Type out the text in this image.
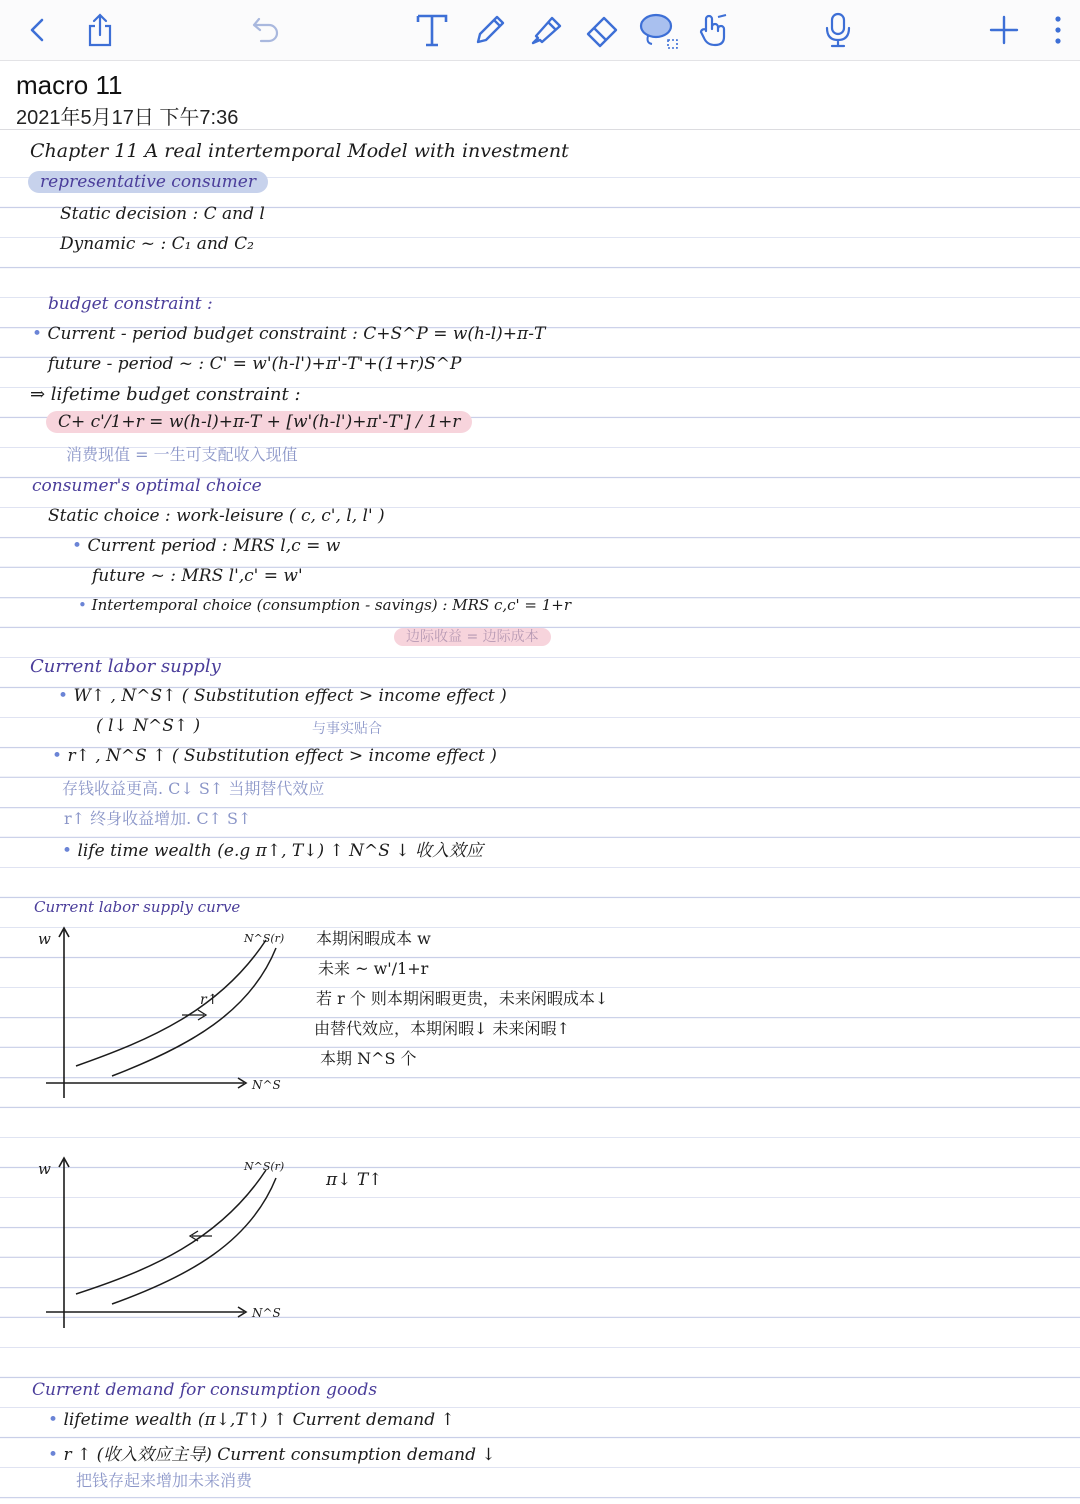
macro 11
2021年5月17日 下午7:36
Chapter 11 A real intertemporal Model with investment
representative consumer
Static decision : C and l
Dynamic ~ : C₁ and C₂
budget constraint :
• Current - period budget constraint : C+S^P = w(h-l)+π-T
future - period ~ : C' = w'(h-l')+π'-T'+(1+r)S^P
⇒ lifetime budget constraint :
C+ c'/1+r = w(h-l)+π-T + [w'(h-l')+π'-T'] / 1+r
消费现值 = 一生可支配收入现值
consumer's optimal choice
Static choice : work-leisure ( c, c', l, l' )
• Current period : MRS l,c = w
future ~ : MRS l',c' = w'
• Intertemporal choice (consumption - savings) : MRS c,c' = 1+r
边际收益 = 边际成本
Current labor supply
• W↑ , N^S↑ ( Substitution effect > income effect )
( l↓ N^S↑ )	与事实贴合
• r↑ , N^S ↑ ( Substitution effect > income effect )
存钱收益更高. C↓ S↑ 当期替代效应
r↑ 终身收益增加. C↑ S↑
• life time wealth (e.g π↑, T↓) ↑ N^S ↓ 收入效应
Current labor supply curve
w
N^S
N^S(r)
r↑
本期闲暇成本 w
未来 ~ w'/1+r
若 r 个 则本期闲暇更贵，未来闲暇成本↓
由替代效应，本期闲暇↓ 未来闲暇↑
本期 N^S 个
w
N^S
N^S(r)
π↓ T↑
Current demand for consumption goods
• lifetime wealth (π↓,T↑) ↑ Current demand ↑
• r ↑ (收入效应主导) Current consumption demand ↓
把钱存起来增加未来消费
